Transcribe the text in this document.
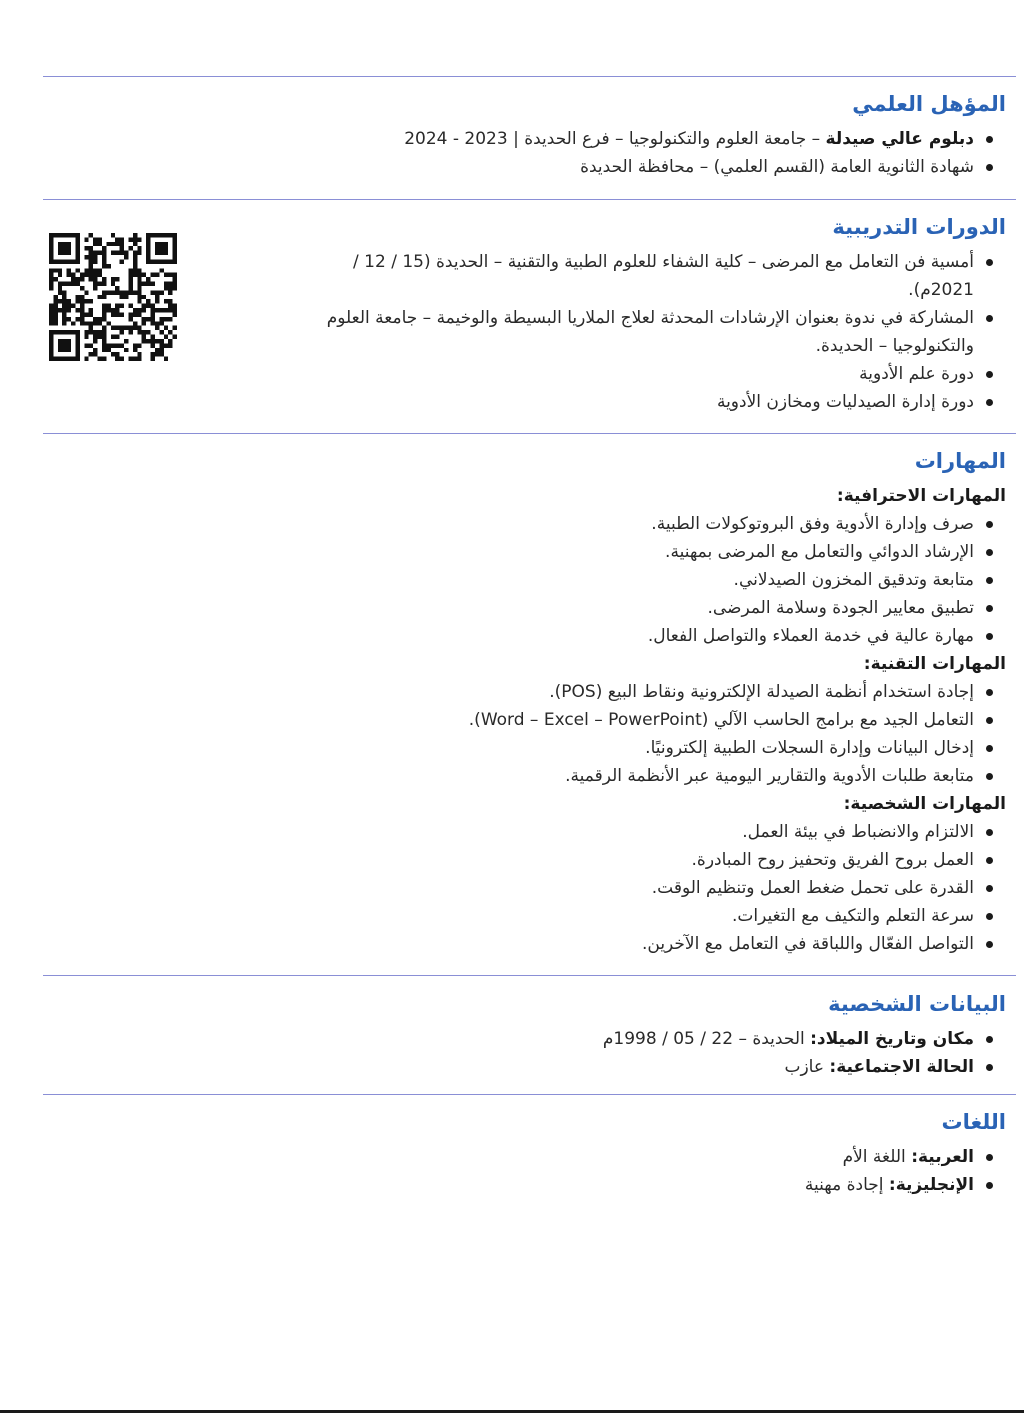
المؤهل العلمي
دبلوم عالي صيدلة – جامعة العلوم والتكنولوجيا – فرع الحديدة | 2023 - 2024
شهادة الثانوية العامة (القسم العلمي) – محافظة الحديدة
الدورات التدريبية
أمسية فن التعامل مع المرضى – كلية الشفاء للعلوم الطبية والتقنية – الحديدة (15 / 12 / 2021م).
المشاركة في ندوة بعنوان الإرشادات المحدثة لعلاج الملاريا البسيطة والوخيمة – جامعة العلوم والتكنولوجيا – الحديدة.
دورة علم الأدوية
دورة إدارة الصيدليات ومخازن الأدوية
المهارات
المهارات الاحترافية:
صرف وإدارة الأدوية وفق البروتوكولات الطبية.
الإرشاد الدوائي والتعامل مع المرضى بمهنية.
متابعة وتدقيق المخزون الصيدلاني.
تطبيق معايير الجودة وسلامة المرضى.
مهارة عالية في خدمة العملاء والتواصل الفعال.
المهارات التقنية:
إجادة استخدام أنظمة الصيدلة الإلكترونية ونقاط البيع (POS).
التعامل الجيد مع برامج الحاسب الآلي (Word – Excel – PowerPoint).
إدخال البيانات وإدارة السجلات الطبية إلكترونيًا.
متابعة طلبات الأدوية والتقارير اليومية عبر الأنظمة الرقمية.
المهارات الشخصية:
الالتزام والانضباط في بيئة العمل.
العمل بروح الفريق وتحفيز روح المبادرة.
القدرة على تحمل ضغط العمل وتنظيم الوقت.
سرعة التعلم والتكيف مع التغيرات.
التواصل الفعّال واللباقة في التعامل مع الآخرين.
البيانات الشخصية
مكان وتاريخ الميلاد: الحديدة – 22 / 05 / 1998م
الحالة الاجتماعية: عازب
اللغات
العربية: اللغة الأم
الإنجليزية: إجادة مهنية
